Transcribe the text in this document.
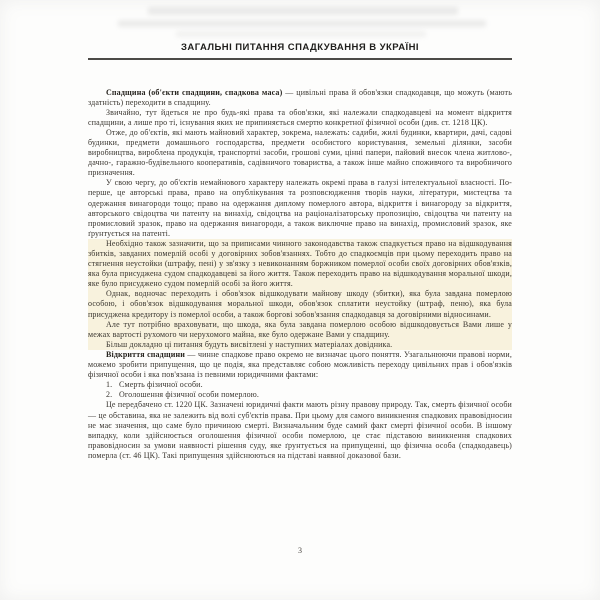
ЗАГАЛЬНІ ПИТАННЯ СПАДКУВАННЯ В УКРАЇНІ

Спадщина (об'єкти спадщини, спадкова маса) — цивільні права й обов'язки спадкодавця, що можуть (мають здатність) переходити в спадщину.

Звичайно, тут йдеться не про будь-які права та обов'язки, які належали спадкодавцеві на момент відкриття спадщини, а лише про ті, існування яких не припиняється смертю конкретної фізичної особи (див. ст. 1218 ЦК).

Отже, до об'єктів, які мають майновий характер, зокрема, належать: садиби, жилі будинки, квартири, дачі, садові будинки, предмети домашнього господарства, предмети особистого користування, земельні ділянки, засоби виробництва, вироблена продукція, транспортні засоби, грошові суми, цінні папери, пайовий внесок члена житлово-, дачно-, гаражно-будівельного кооперативів, садівничого товариства, а також інше майно споживчого та виробничого призначення.

У свою чергу, до об'єктів немайнового характеру належать окремі права в галузі інтелектуальної власності. По-перше, це авторські права, право на опублікування та розповсюдження творів науки, літератури, мистецтва та одержання винагороди тощо; право на одержання диплому померлого автора, відкриття і винагороду за відкриття, авторського свідоцтва чи патенту на винахід, свідоцтва на раціоналізаторську пропозицію, свідоцтва чи патенту на промисловий зразок, право на одержання винагороди, а також виключне право на винахід, промисловий зразок, яке ґрунтується на патенті.

Необхідно також зазначити, що за приписами чинного законодавства також спадкується право на відшкодування збитків, завданих померлій особі у договірних зобов'язаннях. Тобто до спадкоємців при цьому переходить право на стягнення неустойки (штрафу, пені) у зв'язку з невиконанням боржником померлої особи своїх договірних обов'язків, яка була присуджена судом спадкодавцеві за його життя. Також переходить право на відшкодування моральної шкоди, яке було присуджено судом померлій особі за його життя.

Однак, водночас переходить і обов'язок відшкодувати майнову шкоду (збитки), яка була завдана померлою особою, і обов'язок відшкодування моральної шкоди, обов'язок сплатити неустойку (штраф, пеню), яка була присуджена кредитору із померлої особи, а також боргові зобов'язання спадкодавця за договірними відносинами.

Але тут потрібно враховувати, що шкода, яка була завдана померлою особою відшкодовується Вами лише у межах вартості рухомого чи нерухомого майна, яке було одержане Вами у спадщину.

Більш докладно ці питання будуть висвітлені у наступних матеріалах довідника.

Відкриття спадщини — чинне спадкове право окремо не визначає цього поняття. Узагальнюючи правові норми, можемо зробити припущення, що це подія, яка представляє собою можливість переходу цивільних прав і обов'язків фізичної особи і яка пов'язана із певними юридичними фактами:

1. Смерть фізичної особи.

2. Оголошення фізичної особи померлою.

Це передбачено ст. 1220 ЦК. Зазначені юридичні факти мають різну правову природу. Так, смерть фізичної особи — це обставина, яка не залежить від волі суб'єктів права. При цьому для самого виникнення спадкових правовідносин не має значення, що саме було причиною смерті. Визначальним буде самий факт смерті фізичної особи. В іншому випадку, коли здійснюється оголошення фізичної особи померлою, це стає підставою виникнення спадкових правовідносин за умови наявності рішення суду, яке ґрунтується на припущенні, що фізична особа (спадкодавець) померла (ст. 46 ЦК). Такі припущення здійснюються на підставі наявної доказової бази.

3
